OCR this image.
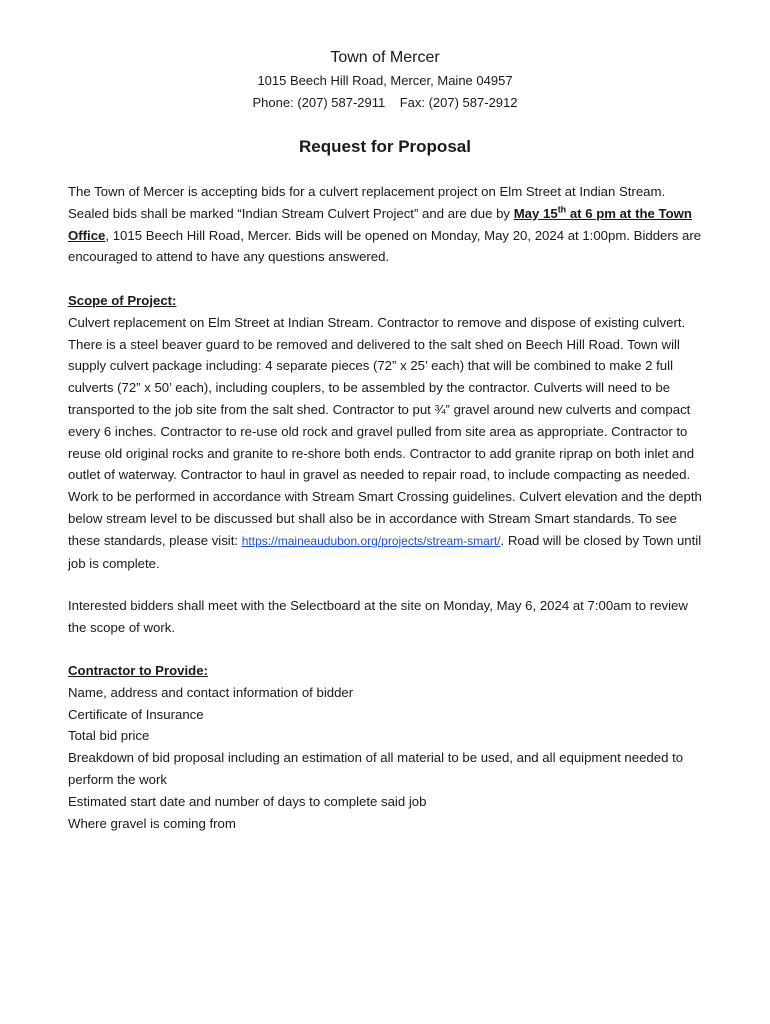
Town of Mercer
1015 Beech Hill Road, Mercer, Maine 04957
Phone: (207) 587-2911    Fax: (207) 587-2912
Request for Proposal
The Town of Mercer is accepting bids for a culvert replacement project on Elm Street at Indian Stream. Sealed bids shall be marked “Indian Stream Culvert Project” and are due by May 15th at 6 pm at the Town Office, 1015 Beech Hill Road, Mercer. Bids will be opened on Monday, May 20, 2024 at 1:00pm. Bidders are encouraged to attend to have any questions answered.
Scope of Project:
Culvert replacement on Elm Street at Indian Stream. Contractor to remove and dispose of existing culvert. There is a steel beaver guard to be removed and delivered to the salt shed on Beech Hill Road. Town will supply culvert package including: 4 separate pieces (72” x 25’ each) that will be combined to make 2 full culverts (72” x 50’ each), including couplers, to be assembled by the contractor. Culverts will need to be transported to the job site from the salt shed. Contractor to put ¾” gravel around new culverts and compact every 6 inches. Contractor to re-use old rock and gravel pulled from site area as appropriate. Contractor to reuse old original rocks and granite to re-shore both ends. Contractor to add granite riprap on both inlet and outlet of waterway. Contractor to haul in gravel as needed to repair road, to include compacting as needed. Work to be performed in accordance with Stream Smart Crossing guidelines. Culvert elevation and the depth below stream level to be discussed but shall also be in accordance with Stream Smart standards. To see these standards, please visit: https://maineaudubon.org/projects/stream-smart/. Road will be closed by Town until job is complete.
Interested bidders shall meet with the Selectboard at the site on Monday, May 6, 2024 at 7:00am to review the scope of work.
Contractor to Provide:
Name, address and contact information of bidder
Certificate of Insurance
Total bid price
Breakdown of bid proposal including an estimation of all material to be used, and all equipment needed to perform the work
Estimated start date and number of days to complete said job
Where gravel is coming from
